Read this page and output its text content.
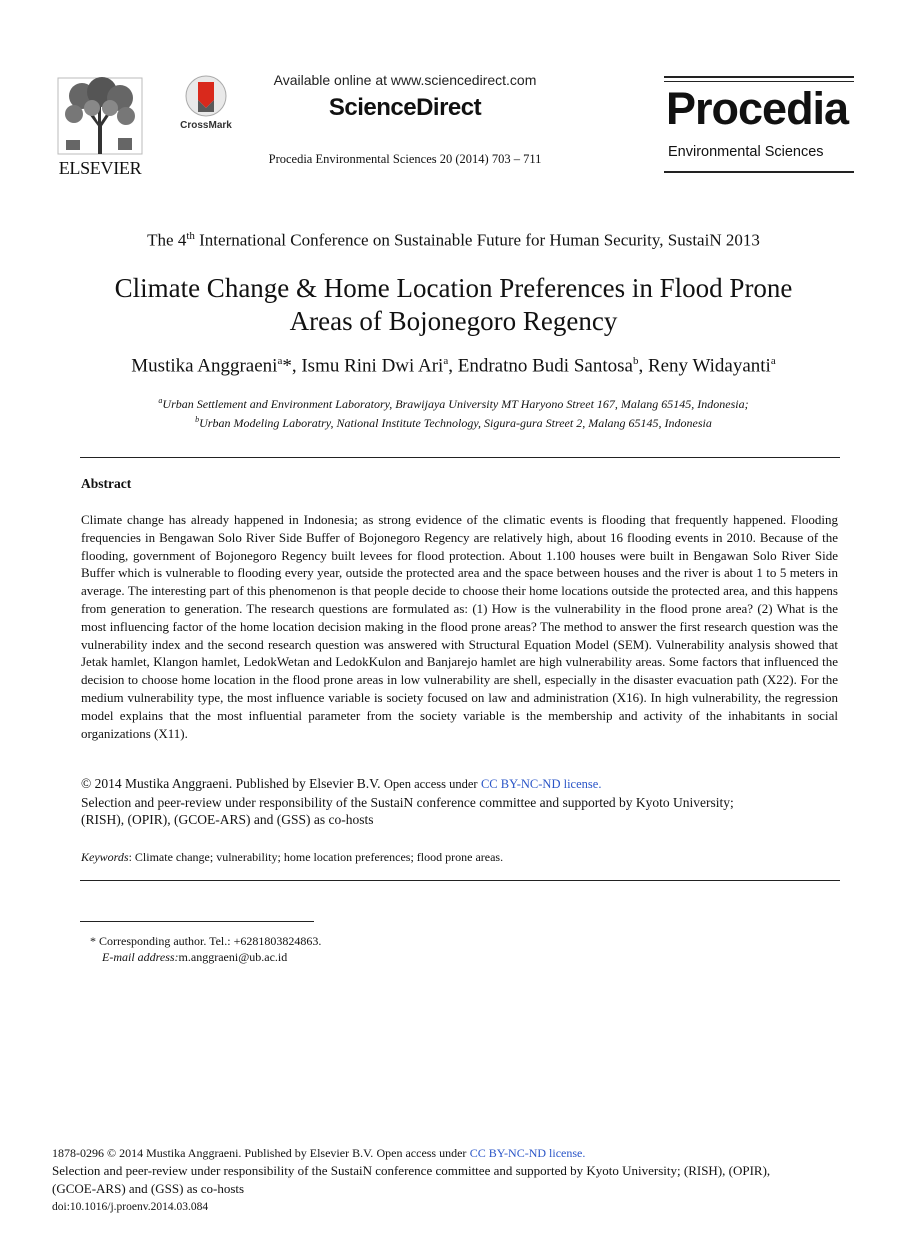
ELSEVIER
CrossMark
Available online at www.sciencedirect.com
ScienceDirect
Procedia Environmental Sciences 20 (2014) 703 – 711
Procedia
Environmental Sciences
The 4th International Conference on Sustainable Future for Human Security, SustaiN 2013
Climate Change & Home Location Preferences in Flood Prone
Areas of Bojonegoro Regency
Mustika Anggraeni$^a$*, Ismu Rini Dwi Ari$^a$, Endratno Budi Santosa$^b$, Reny Widayanti$^a$
$^a$Urban Settlement and Environment Laboratory, Brawijaya University MT Haryono Street 167, Malang 65145, Indonesia;
$^b$Urban Modeling Laboratry, National Institute Technology, Sigura-gura Street 2, Malang 65145, Indonesia
Abstract

Climate change has already happened in Indonesia; as strong evidence of the climatic events is flooding that frequently happened. Flooding frequencies in Bengawan Solo River Side Buffer of Bojonegoro Regency are relatively high, about 16 flooding events in 2010. Because of the flooding, government of Bojonegoro Regency built levees for flood protection. About 1.100 houses were built in Bengawan Solo River Side Buffer which is vulnerable to flooding every year, outside the protected area and the space between houses and the river is about 1 to 5 meters in average. The interesting part of this phenomenon is that people decide to choose their home locations outside the protected area, and this happens from generation to generation. The research questions are formulated as: (1) How is the vulnerability in the flood prone area? (2) What is the most influencing factor of the home location decision making in the flood prone areas? The method to answer the first research question was the vulnerability index and the second research question was answered with Structural Equation Model (SEM). Vulnerability analysis showed that Jetak hamlet, Klangon hamlet, LedokWetan and LedokKulon and Banjarejo hamlet are high vulnerability areas. Some factors that influenced the decision to choose home location in the flood prone areas in low vulnerability are shell, especially in the disaster evacuation path (X22). For the medium vulnerability type, the most influence variable is society focused on law and administration (X16). In high vulnerability, the regression model explains that the most influential parameter from the society variable is the membership and activity of the inhabitants in social organizations (X11).

© 2014 Mustika Anggraeni. Published by Elsevier B.V. Open access under CC BY-NC-ND license.
Selection and peer-review under responsibility of the SustaiN conference committee and supported by Kyoto University;
(RISH), (OPIR), (GCOE-ARS) and (GSS) as co-hosts
Keywords: Climate change; vulnerability; home location preferences; flood prone areas.
* Corresponding author. Tel.: +6281803824863.
E-mail address:m.anggraeni@ub.ac.id
1878-0296 © 2014 Mustika Anggraeni. Published by Elsevier B.V. Open access under CC BY-NC-ND license.
Selection and peer-review under responsibility of the SustaiN conference committee and supported by Kyoto University; (RISH), (OPIR),
(GCOE-ARS) and (GSS) as co-hosts
doi:10.1016/j.proenv.2014.03.084
